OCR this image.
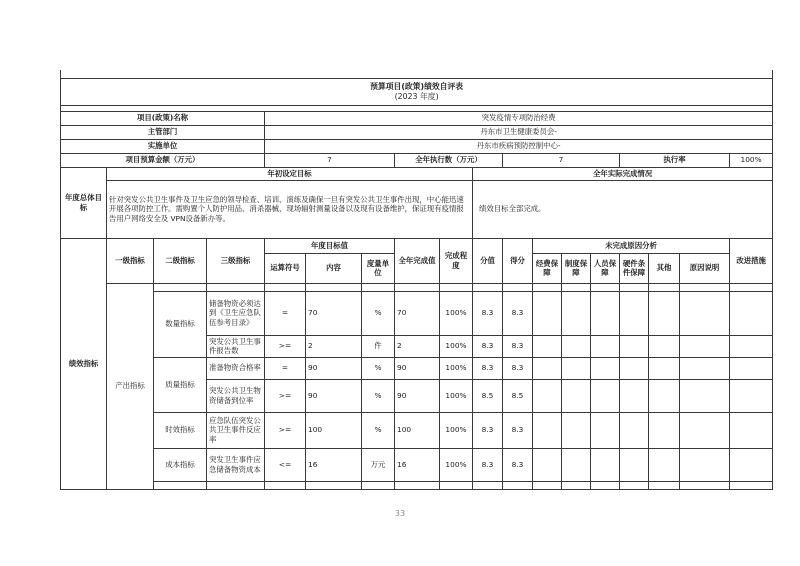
预算项目(政策)绩效自评表
(2023 年度)																	

项目(政策)名称				突发疫情专项防治经费													
主管部门				丹东市卫生健康委员会-													
实施单位				丹东市疾病预防控制中心-													
项目预算金额（万元）				7			全年执行数（万元）			7				执行率			100%
年度总体目标	年初设定目标								全年实际完成情况								
	针对突发公共卫生事件及卫生应急的领导检查、培训、演练及确保一旦有突发公共卫生事件出现，中心能迅速开展各项防控工作。需购置个人防护用品、消杀器械、现场辐射测量设备以及现有设备维护，保证现有疫情报告用户网络安全及 VPN设备新办等。								绩效目标全部完成。								
绩效指标	一级指标	二级指标	三级指标	年度目标值			全年完成值	完成程度	分值	得分	未完成原因分析						改进措施
				运算符号	内容	度量单位					经费保障	制度保障	人员保障	硬件条件保障	其他	原因说明	
	产出指标																
		数量指标	储备物资必须达到《卫生应急队伍参考目录》	=	70	%	70	100%	8.3	8.3							
			突发公共卫生事件报告数	>=	2	件	2	100%	8.3	8.3							
		质量指标	准备物资合格率	=	90	%	90	100%	8.3	8.3							
			突发公共卫生物资储备到位率	>=	90	%	90	100%	8.5	8.5							
		时效指标	应急队伍突发公共卫生事件反应率	>=	100	%	100	100%	8.3	8.3							
		成本指标	突发卫生事件应急储备物资成本	<=	16	万元	16	100%	8.3	8.3							

33
